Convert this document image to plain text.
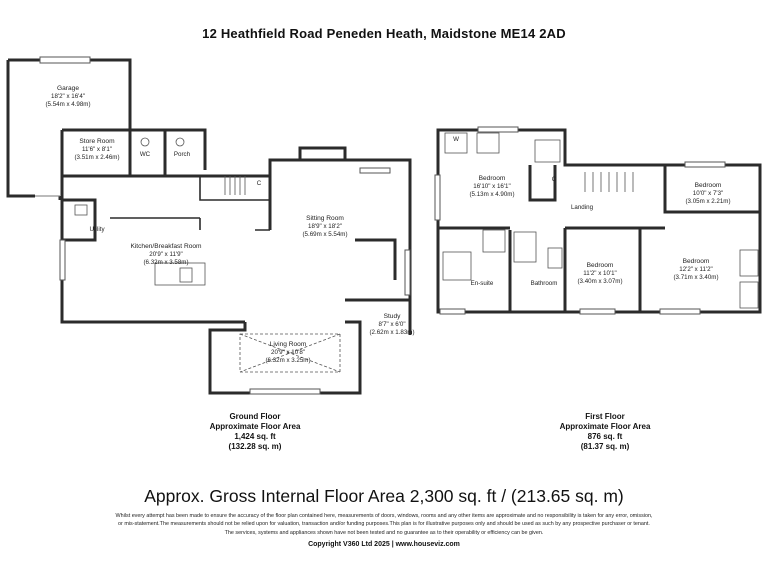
12 Heathfield Road Peneden Heath, Maidstone ME14 2AD
Garage
18'2" x 16'4"
(5.54m x 4.98m)
Store Room
11'6" x 8'1"
(3.51m x 2.46m)
Kitchen/Breakfast Room
20'9" x 11'9"
(6.32m x 3.58m)
Sitting Room
18'9" x 18'2"
(5.69m x 5.54m)
Living Room
20'9" x 10'8"
(6.32m x 3.25m)
Study
8'7" x 6'0"
(2.62m x 1.83m)
WC	Porch
Utility
C
Bedroom
16'10" x 16'1"
(5.13m x 4.90m)
Bedroom
10'0" x 7'3"
(3.05m x 2.21m)
Bedroom
11'2" x 10'1"
(3.40m x 3.07m)
Bedroom
12'2" x 11'2"
(3.71m x 3.40m)
Landing
En-suite	Bathroom
C
W
Ground Floor
Approximate Floor Area
1,424 sq. ft
(132.28 sq. m)
First Floor
Approximate Floor Area
876 sq. ft
(81.37 sq. m)
Approx. Gross Internal Floor Area 2,300 sq. ft / (213.65 sq. m)
Whilst every attempt has been made to ensure the accuracy of the floor plan contained here, measurements of doors, windows, rooms and any other items are approximate and no responsibility is taken for any error, omission,
or mis-statement.The measurements should not be relied upon for valuation, transaction and/or funding purposes.This plan is for illustrative purposes only and should be used as such by any prospective purchaser or tenant.
The services, systems and appliances shown have not been tested and no guarantee as to their operability or efficiency can be given.
Copyright V360 Ltd 2025 | www.houseviz.com
